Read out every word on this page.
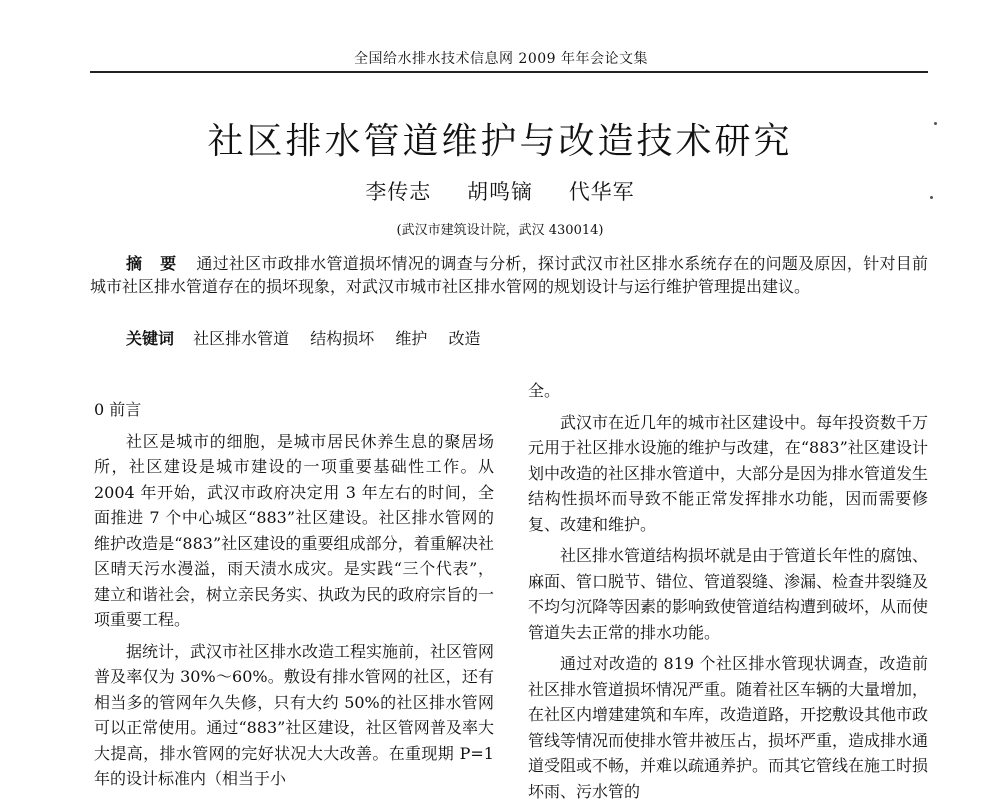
全国给水排水技术信息网 2009 年年会论文集
社区排水管道维护与改造技术研究
李传志 胡鸣镝 代华军
(武汉市建筑设计院，武汉 430014)

摘 要 通过社区市政排水管道损坏情况的调查与分析，探讨武汉市社区排水系统存在的问题及原因，针对目前城市社区排水管道存在的损坏现象，对武汉市城市社区排水管网的规划设计与运行维护管理提出建议。

关键词 社区排水管道 结构损坏 维护 改造

0 前言

社区是城市的细胞，是城市居民休养生息的聚居场所，社区建设是城市建设的一项重要基础性工作。从 2004 年开始，武汉市政府决定用 3 年左右的时间，全面推进 7 个中心城区“883”社区建设。社区排水管网的维护改造是“883”社区建设的重要组成部分，着重解决社区晴天污水漫溢，雨天渍水成灾。是实践“三个代表”，建立和谐社会，树立亲民务实、执政为民的政府宗旨的一项重要工程。

据统计，武汉市社区排水改造工程实施前，社区管网普及率仅为 30%～60%。敷设有排水管网的社区，还有相当多的管网年久失修，只有大约 50%的社区排水管网可以正常使用。通过“883”社区建设，社区管网普及率大大提高，排水管网的完好状况大大改善。在重现期 P=1 年的设计标准内（相当于小

全。

武汉市在近几年的城市社区建设中。每年投资数千万元用于社区排水设施的维护与改建，在“883”社区建设计划中改造的社区排水管道中，大部分是因为排水管道发生结构性损坏而导致不能正常发挥排水功能，因而需要修复、改建和维护。

社区排水管道结构损坏就是由于管道长年性的腐蚀、麻面、管口脱节、错位、管道裂缝、渗漏、检查井裂缝及不均匀沉降等因素的影响致使管道结构遭到破坏，从而使管道失去正常的排水功能。

通过对改造的 819 个社区排水管现状调查，改造前社区排水管道损坏情况严重。随着社区车辆的大量增加，在社区内增建建筑和车库，改造道路，开挖敷设其他市政管线等情况而使排水管井被压占，损坏严重，造成排水通道受阻或不畅，并难以疏通养护。而其它管线在施工时损坏雨、污水管的
